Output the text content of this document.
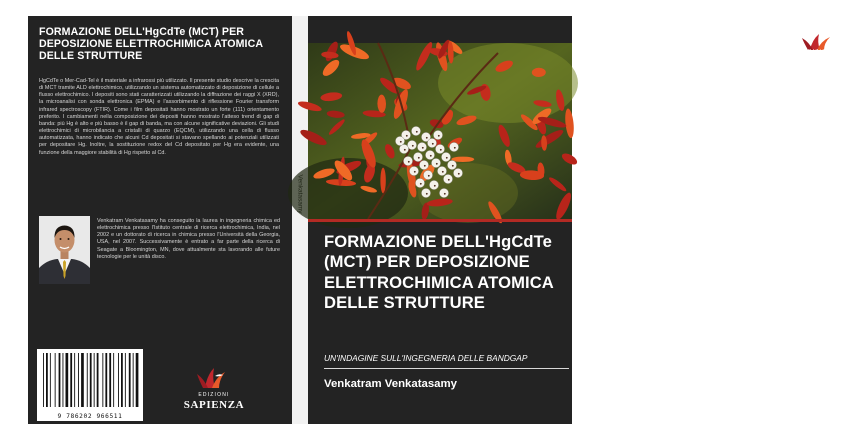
FORMAZIONE DELL'HgCdTe (MCT) PER DEPOSIZIONE ELETTROCHIMICA ATOMICA DELLE STRUTTURE
HgCdTe o Mer-Cad-Tel è il materiale a infrarossi più utilizzato. Il presente studio descrive la crescita di MCT tramite ALD elettrochimico, utilizzando un sistema automatizzato di deposizione di cellule a flusso elettrochimico. I depositi sono stati caratterizzati utilizzando la diffrazione dei raggi X (XRD), la microanalisi con sonda elettronica (EPMA) e l'assorbimento di riflessione Fourier transform infrared spectroscopy (FTIR). Come i film depositati hanno mostrato un forte (111) orientamento preferito. I cambiamenti nella composizione dei depositi hanno mostrato l'atteso trend di gap di banda: più Hg è alto e più basso è il gap di banda, ma con alcune significative deviazioni. Gli studi elettrochimici di microbilancia a cristalli di quarzo (EQCM), utilizzando una cella di flusso automatizzata, hanno indicato che alcuni Cd depositati si stavano spellando ai potenziali utilizzati per depositare Hg. Inoltre, la sostituzione redox del Cd depositato per Hg era evidente, una funzione della maggiore stabilità di Hg rispetto al Cd.
Venkatram Venkatasamy ha conseguito la laurea in ingegneria chimica ed elettrochimica presso l'Istituto centrale di ricerca elettrochimica, India, nel 2002 e un dottorato di ricerca in chimica presso l'Università della Georgia, USA, nel 2007. Successivamente è entrato a far parte della ricerca di Seagate a Bloomington, MN, dove attualmente sta lavorando alle future tecnologie per le unità disco.
9 786202 966511
EDIZIONI
SAPIENZA
EDIZIONI
SAPIENZA
FORMAZIONE DELL'HgCdTe (MCT) PER DEPOSIZIONE ELETTROCHIMICA ATOMICA DELLE STRUTTURE
UN'INDAGINE SULL'INGEGNERIA DELLE BANDGAP
Venkatram Venkatasamy
